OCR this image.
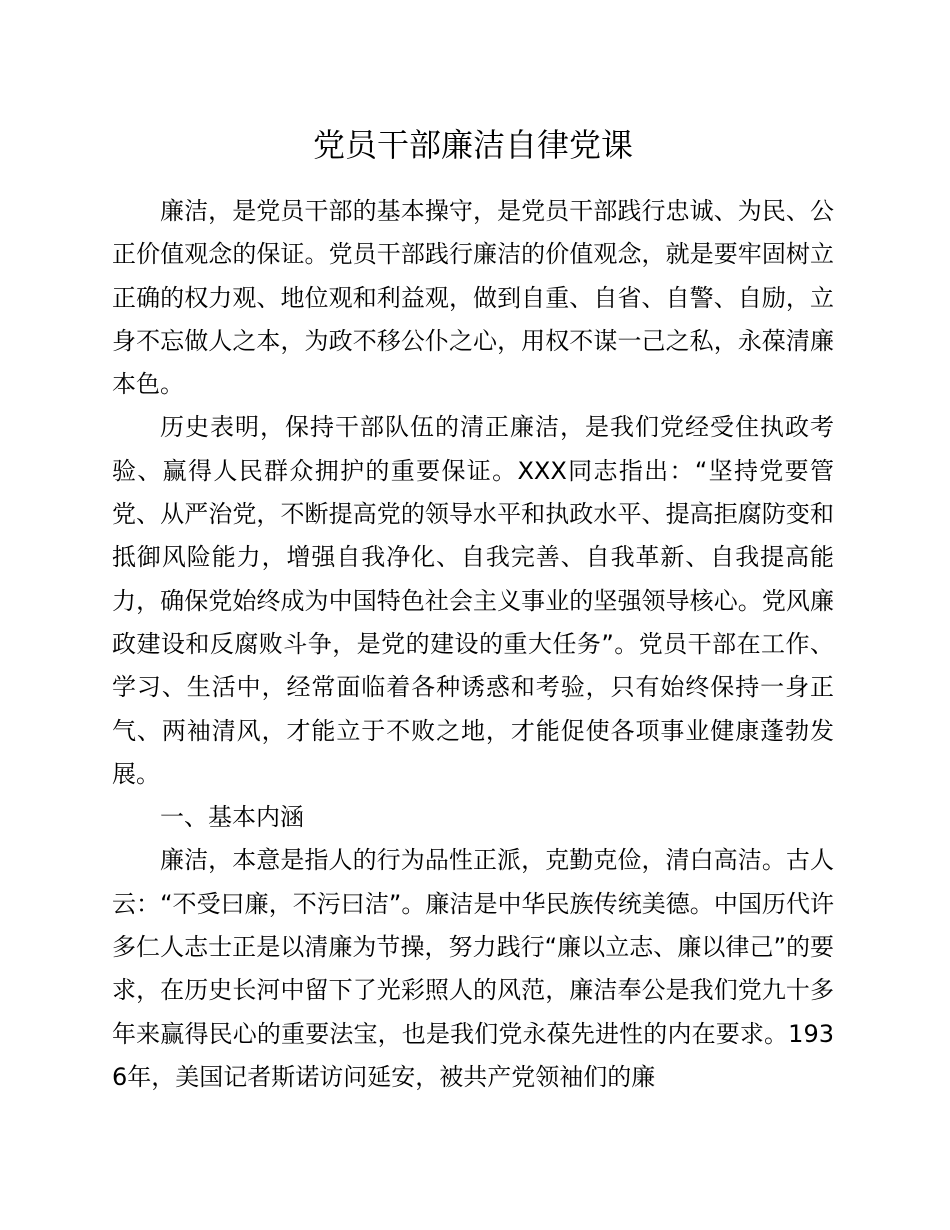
党员干部廉洁自律党课

廉洁，是党员干部的基本操守，是党员干部践行忠诚、为民、公正价值观念的保证。党员干部践行廉洁的价值观念，就是要牢固树立正确的权力观、地位观和利益观，做到自重、自省、自警、自励，立身不忘做人之本，为政不移公仆之心，用权不谋一己之私，永葆清廉本色。

历史表明，保持干部队伍的清正廉洁，是我们党经受住执政考验、赢得人民群众拥护的重要保证。XXX同志指出：“坚持党要管党、从严治党，不断提高党的领导水平和执政水平、提高拒腐防变和抵御风险能力，增强自我净化、自我完善、自我革新、自我提高能力，确保党始终成为中国特色社会主义事业的坚强领导核心。党风廉政建设和反腐败斗争，是党的建设的重大任务”。党员干部在工作、学习、生活中，经常面临着各种诱惑和考验，只有始终保持一身正气、两袖清风，才能立于不败之地，才能促使各项事业健康蓬勃发展。

一、基本内涵

廉洁，本意是指人的行为品性正派，克勤克俭，清白高洁。古人云：“不受曰廉，不污曰洁”。廉洁是中华民族传统美德。中国历代许多仁人志士正是以清廉为节操，努力践行“廉以立志、廉以律己”的要求，在历史长河中留下了光彩照人的风范，廉洁奉公是我们党九十多年来赢得民心的重要法宝，也是我们党永葆先进性的内在要求。1936年，美国记者斯诺访问延安，被共产党领袖们的廉
